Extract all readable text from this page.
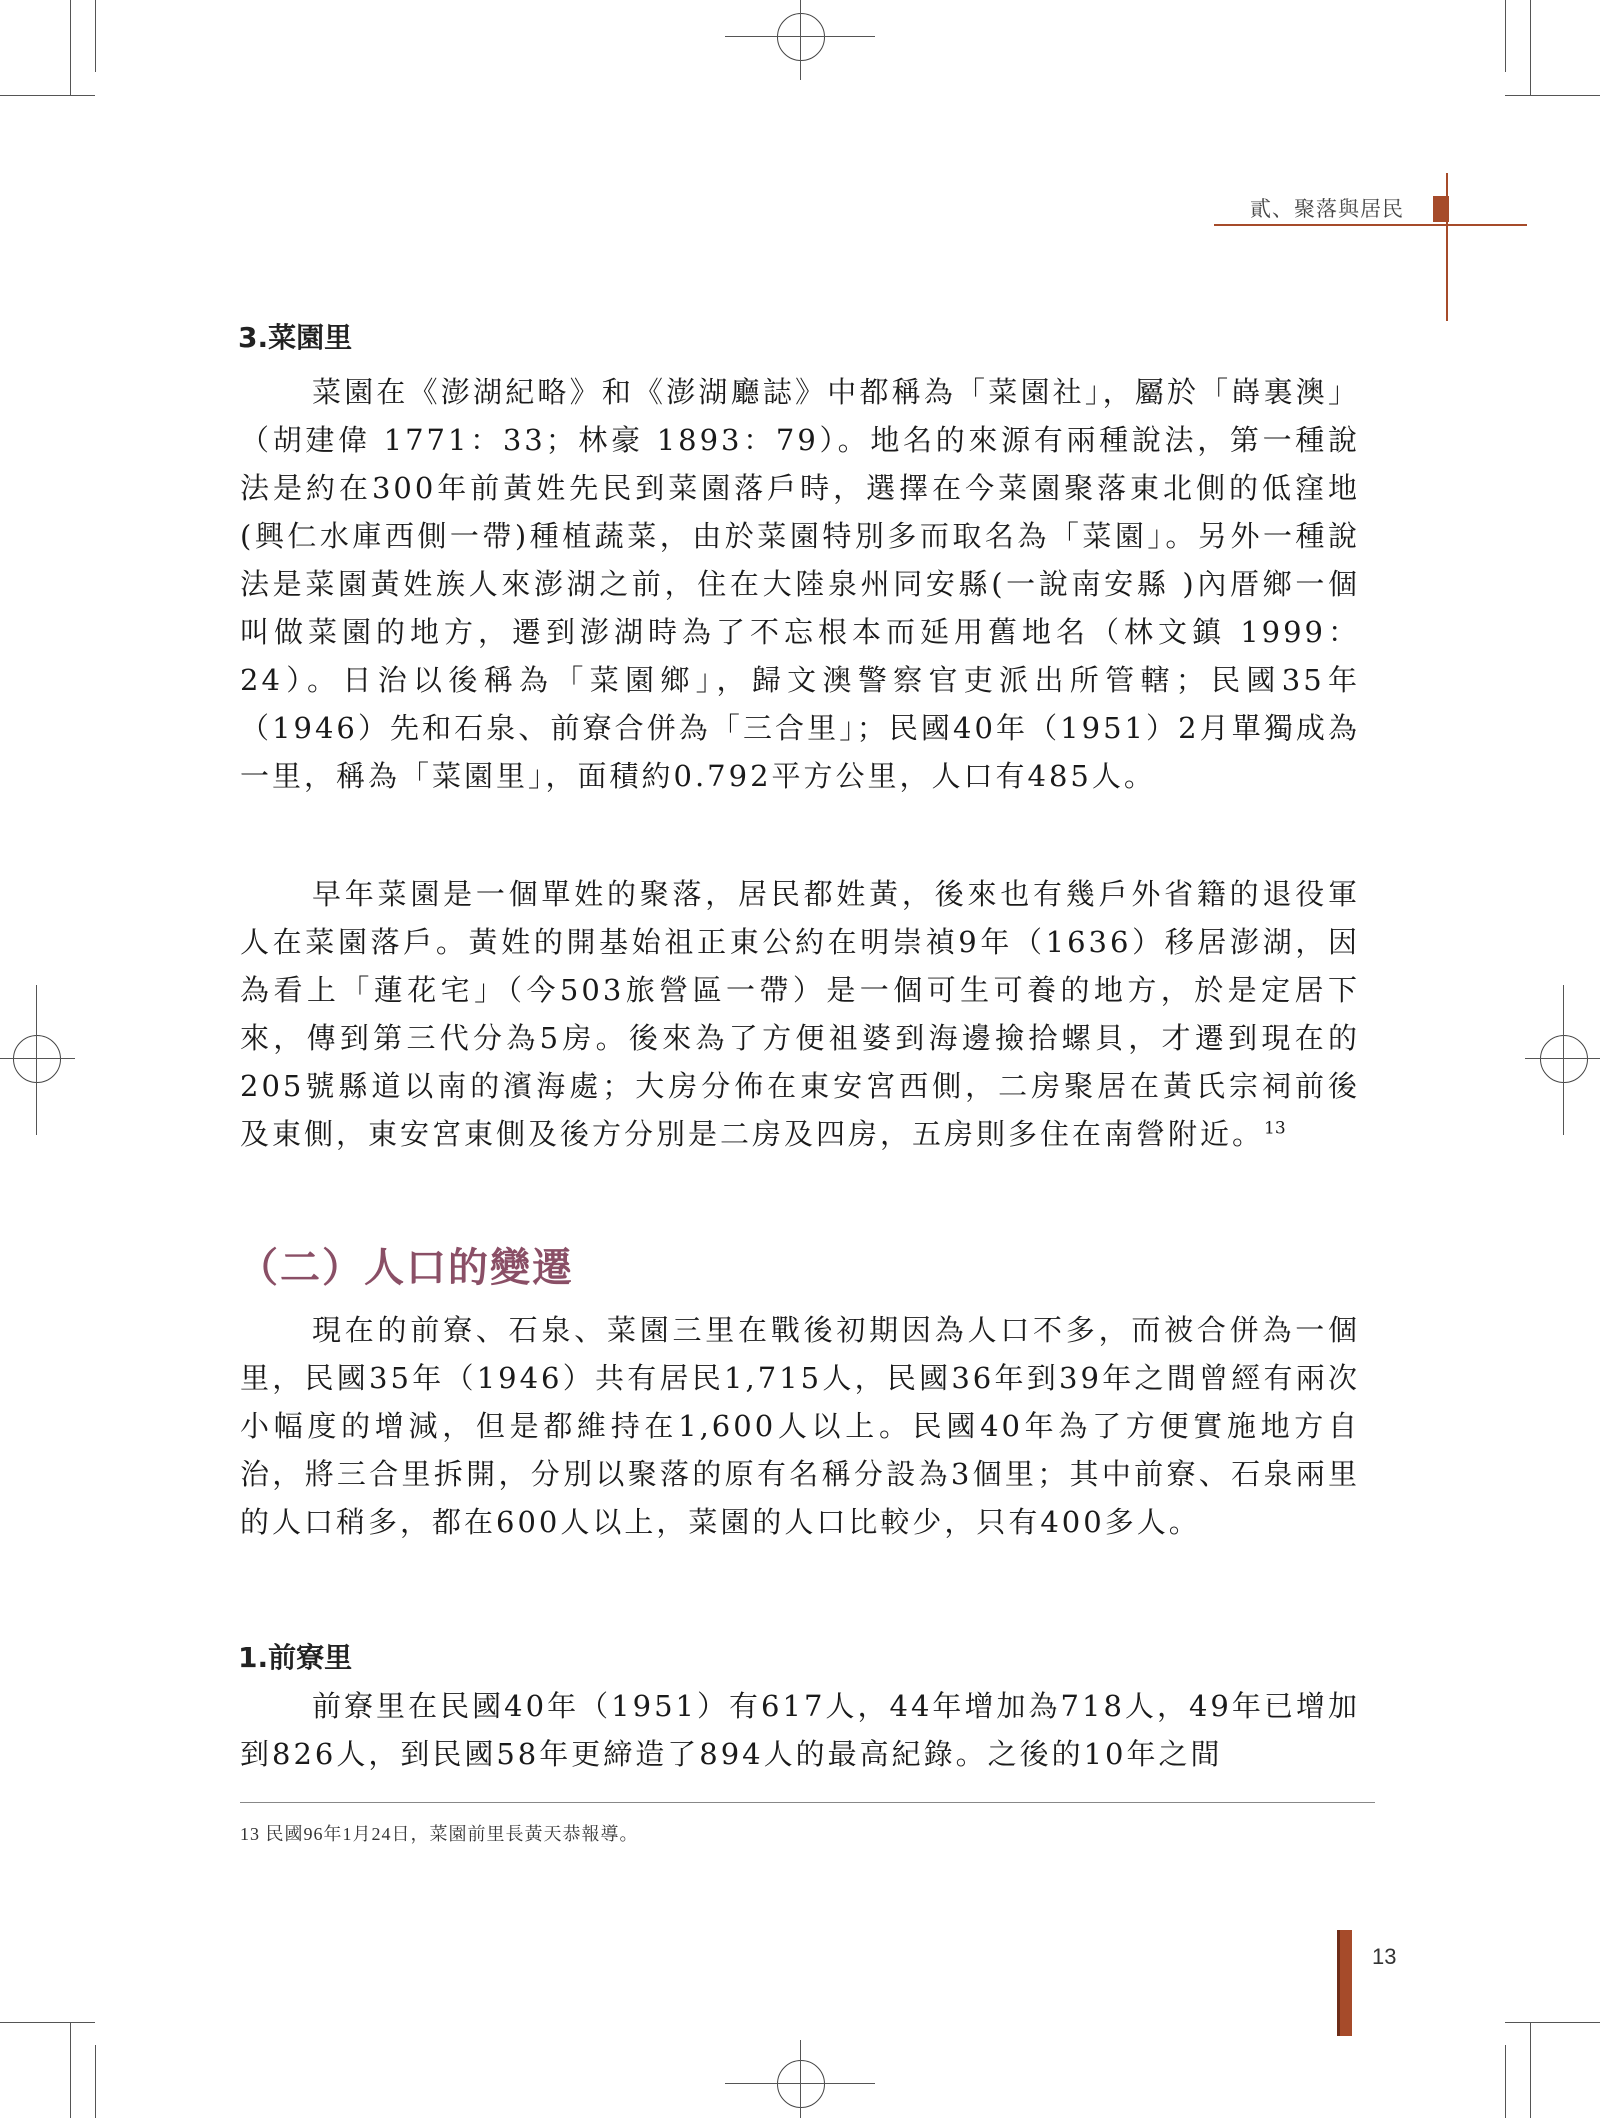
貳、聚落與居民
3.菜園里

菜園在《澎湖紀略》和《澎湖廳誌》中都稱為「菜園社」，屬於「嵵裏澳」（胡建偉 1771：33；林豪 1893：79）。地名的來源有兩種說法，第一種說法是約在300年前黃姓先民到菜園落戶時，選擇在今菜園聚落東北側的低窪地(興仁水庫西側一帶)種植蔬菜，由於菜園特別多而取名為「菜園」。另外一種說法是菜園黃姓族人來澎湖之前，住在大陸泉州同安縣(一說南安縣 )內厝鄉一個叫做菜園的地方，遷到澎湖時為了不忘根本而延用舊地名（林文鎮 1999：24）。日治以後稱為「菜園鄉」，歸文澳警察官吏派出所管轄；民國35年（1946）先和石泉、前寮合併為「三合里」；民國40年（1951）2月單獨成為一里，稱為「菜園里」，面積約0.792平方公里，人口有485人。

早年菜園是一個單姓的聚落，居民都姓黃，後來也有幾戶外省籍的退役軍人在菜園落戶。黃姓的開基始祖正東公約在明崇禎9年（1636）移居澎湖，因為看上「蓮花宅」（今503旅營區一帶）是一個可生可養的地方，於是定居下來，傳到第三代分為5房。後來為了方便祖婆到海邊撿拾螺貝，才遷到現在的205號縣道以南的濱海處；大房分佈在東安宮西側，二房聚居在黃氏宗祠前後及東側，東安宮東側及後方分別是二房及四房，五房則多住在南營附近。$^{13}$

（二）人口的變遷

現在的前寮、石泉、菜園三里在戰後初期因為人口不多，而被合併為一個里，民國35年（1946）共有居民1,715人，民國36年到39年之間曾經有兩次小幅度的增減，但是都維持在1,600人以上。民國40年為了方便實施地方自治，將三合里拆開，分別以聚落的原有名稱分設為3個里；其中前寮、石泉兩里的人口稍多，都在600人以上，菜園的人口比較少，只有400多人。

1.前寮里

前寮里在民國40年（1951）有617人，44年增加為718人，49年已增加到826人，到民國58年更締造了894人的最高紀錄。之後的10年之間

13 民國96年1月24日，菜園前里長黃天恭報導。
13
